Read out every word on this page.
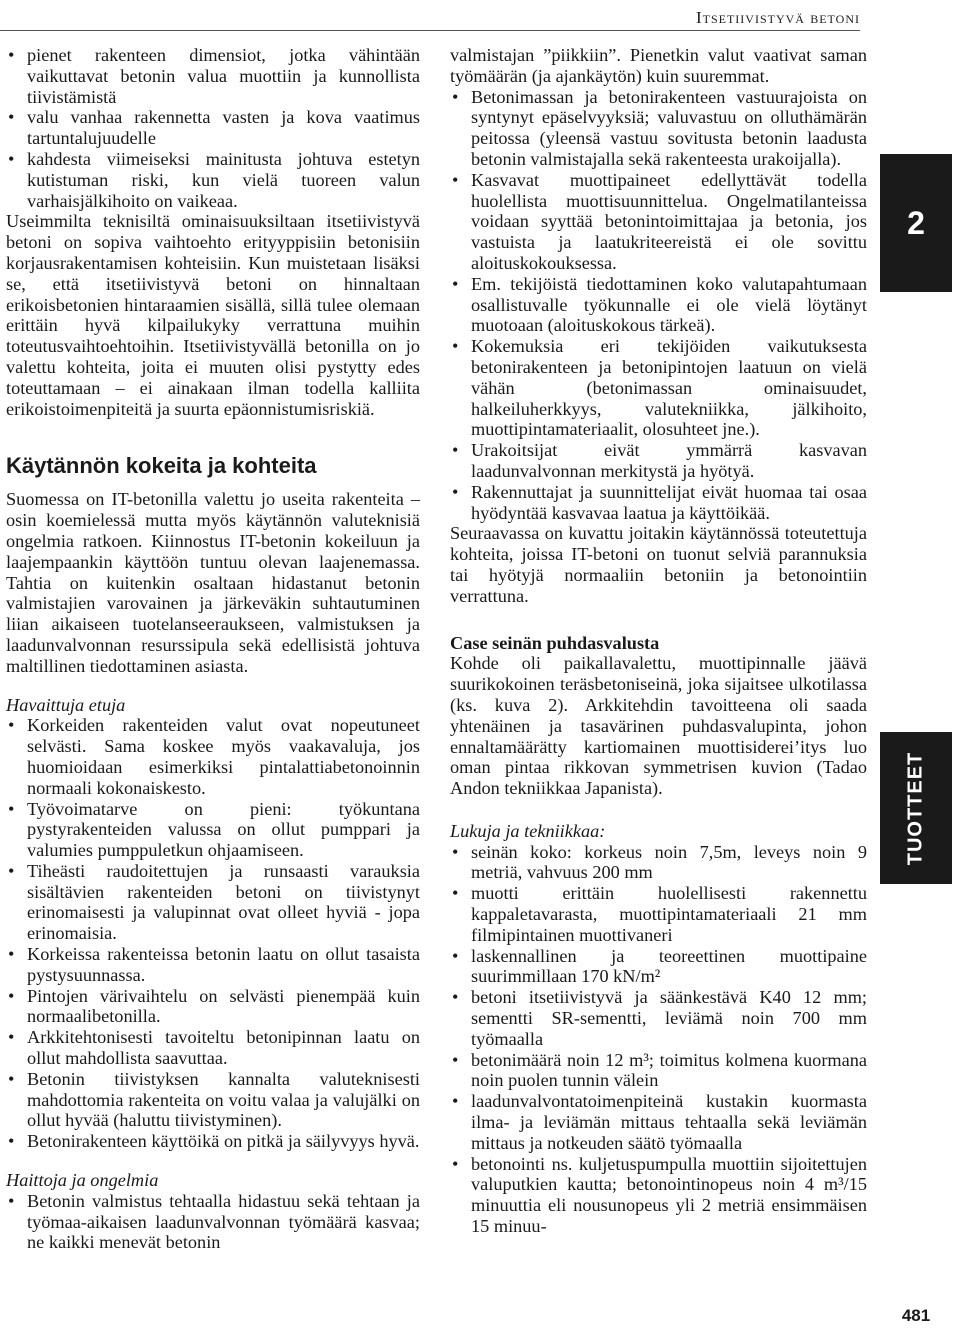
Itsetiivistyvä betoni
• pienet rakenteen dimensiot, jotka vähintään vaikuttavat betonin valua muottiin ja kunnollista tiivistämistä
• valu vanhaa rakennetta vasten ja kova vaatimus tartuntalujuudelle
• kahdesta viimeiseksi mainitusta johtuva estetyn kutistuman riski, kun vielä tuoreen valun varhaisjälkihoito on vaikeaa.

Useimmilta teknisiltä ominaisuuksiltaan itsetiivistyvä betoni on sopiva vaihtoehto erityyppisiin betonisiin korjausrakentamisen kohteisiin. Kun muistetaan lisäksi se, että itsetiivistyvä betoni on hinnaltaan erikoisbetonien hintaraamien sisällä, sillä tulee olemaan erittäin hyvä kilpailukyky verrattuna muihin toteutusvaihtoehtoihin. Itsetiivistyvällä betonilla on jo valettu kohteita, joita ei muuten olisi pystytty edes toteuttamaan – ei ainakaan ilman todella kalliita erikoistoimenpiteitä ja suurta epäonnistumisriskiä.

Käytännön kokeita ja kohteita

Suomessa on IT-betonilla valettu jo useita rakenteita – osin koemielessä mutta myös käytännön valuteknisiä ongelmia ratkoen. Kiinnostus IT-betonin kokeiluun ja laajempaankin käyttöön tuntuu olevan laajenemassa. Tahtia on kuitenkin osaltaan hidastanut betonin valmistajien varovainen ja järkeväkin suhtautuminen liian aikaiseen tuotelanseeraukseen, valmistuksen ja laadunvalvonnan resurssipula sekä edellisistä johtuva maltillinen tiedottaminen asiasta.

Havaittuja etuja

• Korkeiden rakenteiden valut ovat nopeutuneet selvästi. Sama koskee myös vaakavaluja, jos huomioidaan esimerkiksi pintalattiabetonoinnin normaali kokonaiskesto.
• Työvoimatarve on pieni: työkuntana pystyrakenteiden valussa on ollut pumppari ja valumies pumppuletkun ohjaamiseen.
• Tiheästi raudoitettujen ja runsaasti varauksia sisältävien rakenteiden betoni on tiivistynyt erinomaisesti ja valupinnat ovat olleet hyviä - jopa erinomaisia.
• Korkeissa rakenteissa betonin laatu on ollut tasaista pystysuunnassa.
• Pintojen värivaihtelu on selvästi pienempää kuin normaalibetonilla.
• Arkkitehtonisesti tavoiteltu betonipinnan laatu on ollut mahdollista saavuttaa.
• Betonin tiivistyksen kannalta valuteknisesti mahdottomia rakenteita on voitu valaa ja valujälki on ollut hyvää (haluttu tiivistyminen).
• Betonirakenteen käyttöikä on pitkä ja säilyvyys hyvä.

Haittoja ja ongelmia

• Betonin valmistus tehtaalla hidastuu sekä tehtaan ja työmaa-aikaisen laadunvalvonnan työmäärä kasvaa; ne kaikki menevät betonin

valmistajan ”piikkiin”. Pienetkin valut vaativat saman työmäärän (ja ajankäytön) kuin suuremmat.

• Betonimassan ja betonirakenteen vastuurajoista on syntynyt epäselvyyksiä; valuvastuu on olluthämärän peitossa (yleensä vastuu sovitusta betonin laadusta betonin valmistajalla sekä rakenteesta urakoijalla).
• Kasvavat muottipaineet edellyttävät todella huolellista muottisuunnittelua. Ongelmatilanteissa voidaan syyttää betonintoimittajaa ja betonia, jos vastuista ja laatukriteereistä ei ole sovittu aloituskokouksessa.
• Em. tekijöistä tiedottaminen koko valutapahtumaan osallistuvalle työkunnalle ei ole vielä löytänyt muotoaan (aloituskokous tärkeä).
• Kokemuksia eri tekijöiden vaikutuksesta betonirakenteen ja betonipintojen laatuun on vielä vähän (betonimassan ominaisuudet, halkeiluherkkyys, valutekniikka, jälkihoito, muottipintamateriaalit, olosuhteet jne.).
• Urakoitsijat eivät ymmärrä kasvavan laadunvalvonnan merkitystä ja hyötyä.
• Rakennuttajat ja suunnittelijat eivät huomaa tai osaa hyödyntää kasvavaa laatua ja käyttöikää.

Seuraavassa on kuvattu joitakin käytännössä toteutettuja kohteita, joissa IT-betoni on tuonut selviä parannuksia tai hyötyjä normaaliin betoniin ja betonointiin verrattuna.

Case seinän puhdasvalusta

Kohde oli paikallavalettu, muottipinnalle jäävä suurikokoinen teräsbetoniseinä, joka sijaitsee ulkotilassa (ks. kuva 2). Arkkitehdin tavoitteena oli saada yhtenäinen ja tasavärinen puhdasvalupinta, johon ennaltamäärätty kartiomainen muottisiderei’itys luo oman pintaa rikkovan symmetrisen kuvion (Tadao Andon tekniikkaa Japanista).

Lukuja ja tekniikkaa:

• seinän koko: korkeus noin 7,5m, leveys noin 9 metriä, vahvuus 200 mm
• muotti erittäin huolellisesti rakennettu kappaletavarasta, muottipintamateriaali 21 mm filmipintainen muottivaneri
• laskennallinen ja teoreettinen muottipaine suurimmillaan 170 kN/m²
• betoni itsetiivistyvä ja säänkestävä K40 12 mm; sementti SR-sementti, leviämä noin 700 mm työmaalla
• betonimäärä noin 12 m³; toimitus kolmena kuormana noin puolen tunnin välein
• laadunvalvontatoimenpiteinä kustakin kuormasta ilma- ja leviämän mittaus tehtaalla sekä leviämän mittaus ja notkeuden säätö työmaalla
• betonointi ns. kuljetuspumpulla muottiin sijoitettujen valuputkien kautta; betonointinopeus noin 4 m³/15 minuuttia eli nousunopeus yli 2 metriä ensimmäisen 15 minuu-
2
TUOTTEET
481
